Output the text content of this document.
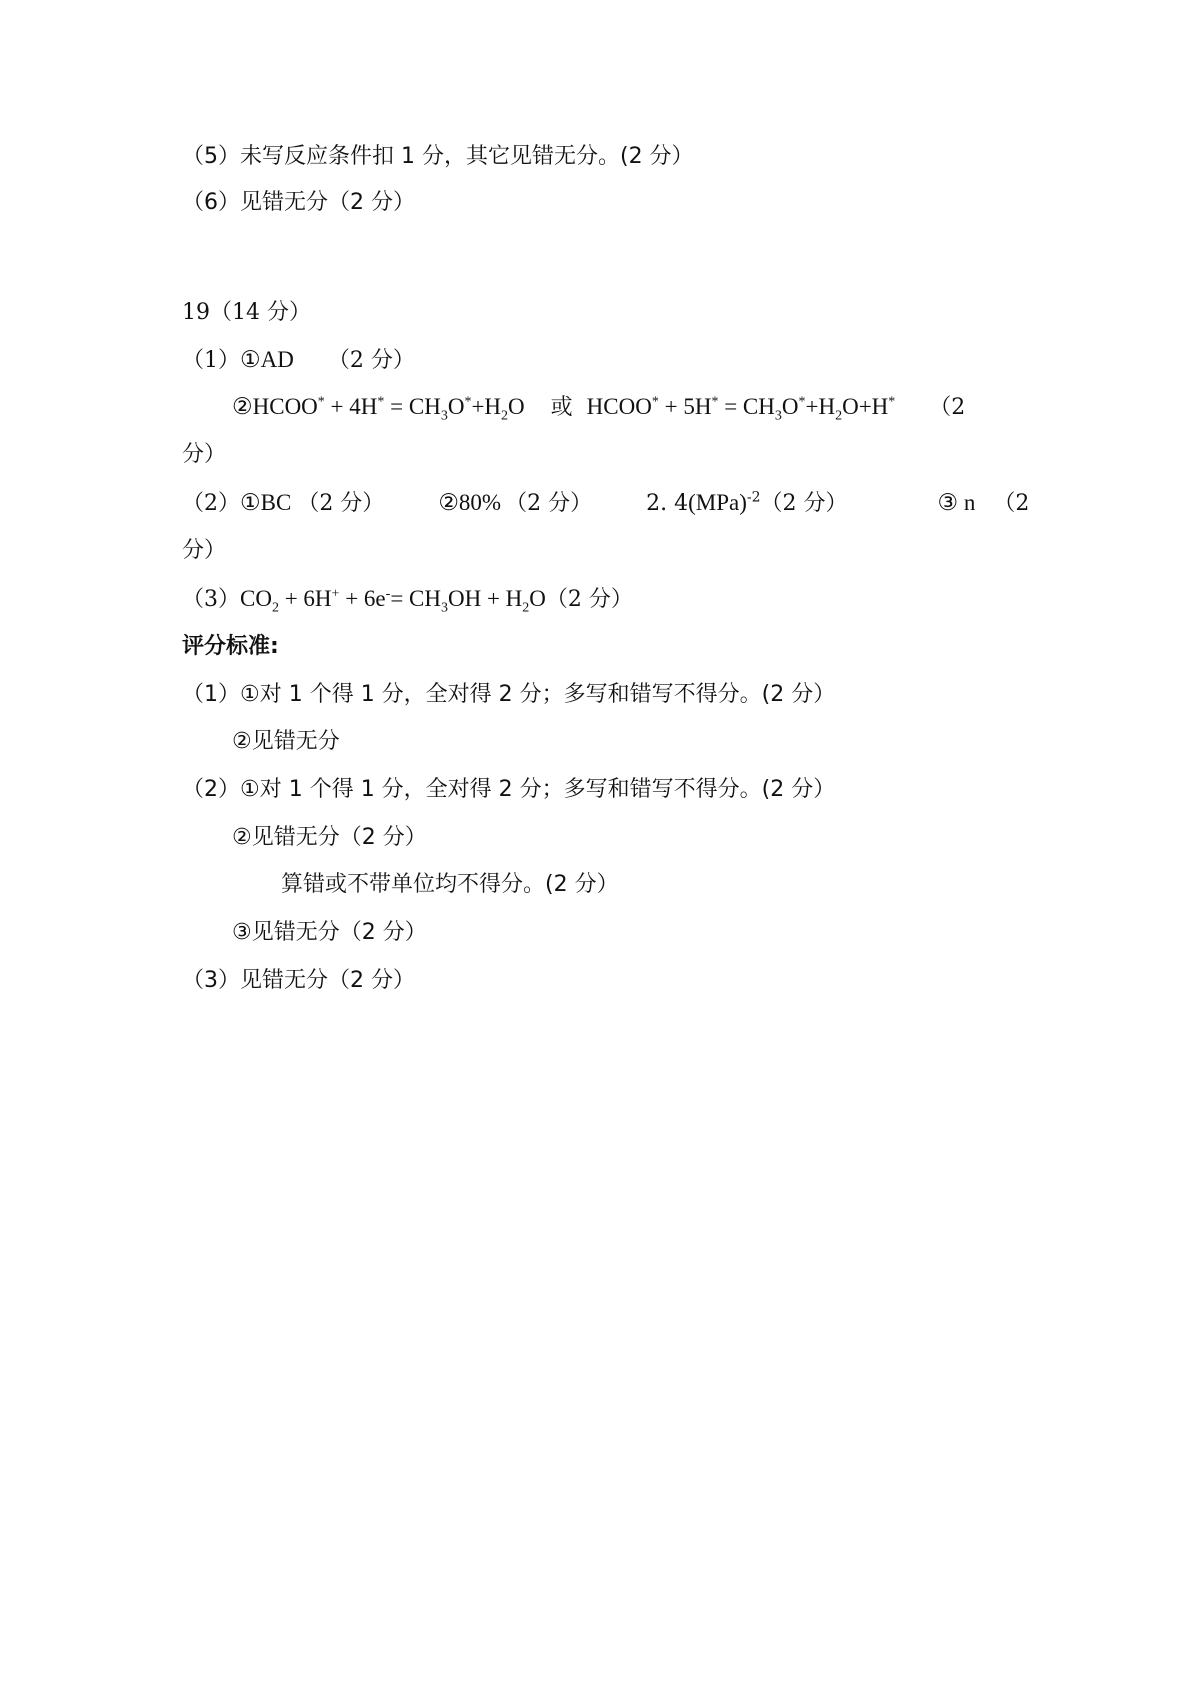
（5）未写反应条件扣 1 分，其它见错无分。(2 分）
（6）见错无分（2 分）
19（14 分）
（1）①AD （2 分）
②HCOO* + $4H^* = CH_3O^*+H_2O$ 或 HCOO* + $5H^* = CH_3O^*+H_2O+H^*$ （2
分）
（2）①BC （2 分） ②80% （2 分） 2. 4(MPa)$^{-2}$（2 分）	③ n （2
分）
$(3)CO_2 + 6H^+ + 6e^-= CH_3OH + H_2O(2$ 分）
评分标准:
（1）①对 1 个得 1 分，全对得 2 分；多写和错写不得分。(2 分）
②见错无分
（2）①对 1 个得 1 分，全对得 2 分；多写和错写不得分。(2 分）
②见错无分（2 分）
算错或不带单位均不得分。(2 分）
③见错无分（2 分）
（3）见错无分（2 分）
